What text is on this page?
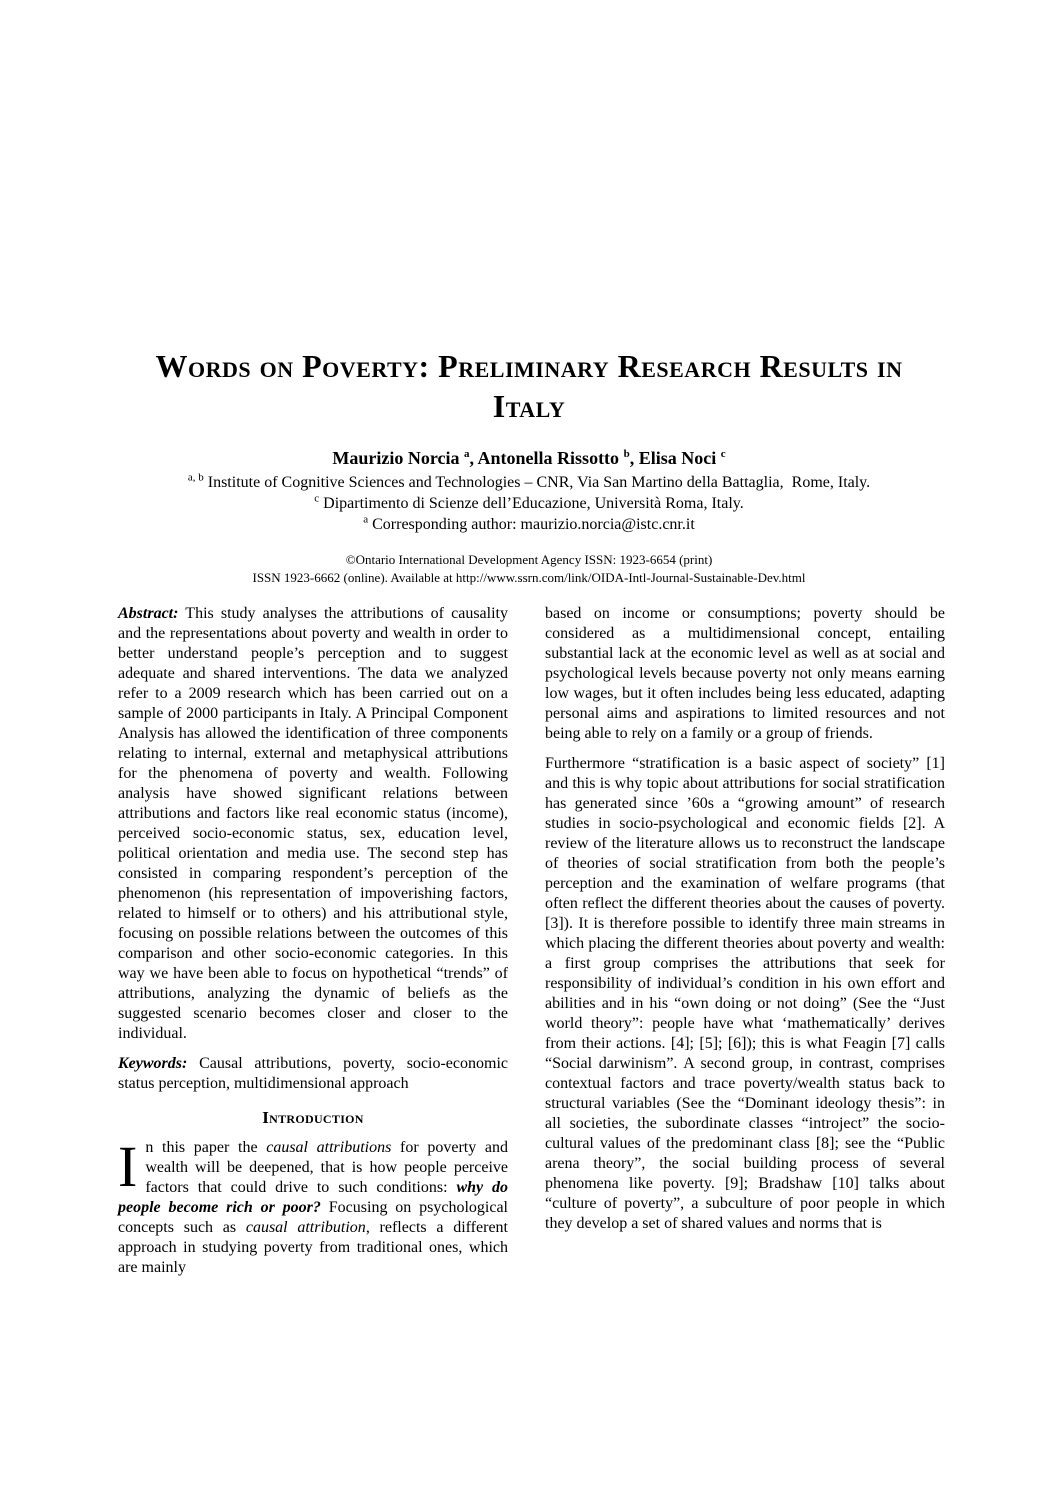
Words on Poverty: Preliminary Research Results in
Italy

Maurizio Norcia $^a$, Antonella Rissotto $^b$, Elisa Noci $^c$

$^{a, b}$ Institute of Cognitive Sciences and Technologies – CNR, Via San Martino della Battaglia,  Rome, Italy.

$^c$ Dipartimento di Scienze dell’Educazione, Università Roma, Italy.

$^a$ Corresponding author: maurizio.norcia@istc.cnr.it

©Ontario International Development Agency ISSN: 1923-6654 (print)

ISSN 1923-6662 (online). Available at http://www.ssrn.com/link/OIDA-Intl-Journal-Sustainable-Dev.html

Abstract: This study analyses the attributions of causality and the representations about poverty and wealth in order to better understand people’s perception and to suggest adequate and shared interventions. The data we analyzed refer to a 2009 research which has been carried out on a sample of 2000 participants in Italy. A Principal Component Analysis has allowed the identification of three components relating to internal, external and metaphysical attributions for the phenomena of poverty and wealth. Following analysis have showed significant relations between attributions and factors like real economic status (income), perceived socio-economic status, sex, education level, political orientation and media use. The second step has consisted in comparing respondent’s perception of the phenomenon (his representation of impoverishing factors, related to himself or to others) and his attributional style, focusing on possible relations between the outcomes of this comparison and other socio-economic categories. In this way we have been able to focus on hypothetical “trends” of attributions, analyzing the dynamic of beliefs as the suggested scenario becomes closer and closer to the individual.

Keywords: Causal attributions, poverty, socio-economic status perception, multidimensional approach

Introduction

In this paper the causal attributions for poverty and wealth will be deepened, that is how people perceive factors that could drive to such conditions: why do people become rich or poor? Focusing on psychological concepts such as causal attribution, reflects a different approach in studying poverty from traditional ones, which are mainly

based on income or consumptions; poverty should be considered as a multidimensional concept, entailing substantial lack at the economic level as well as at social and psychological levels because poverty not only means earning low wages, but it often includes being less educated, adapting personal aims and aspirations to limited resources and not being able to rely on a family or a group of friends.

Furthermore “stratification is a basic aspect of society” [1] and this is why topic about attributions for social stratification has generated since ’60s a “growing amount” of research studies in socio-psychological and economic fields [2]. A review of the literature allows us to reconstruct the landscape of theories of social stratification from both the people’s perception and the examination of welfare programs (that often reflect the different theories about the causes of poverty. [3]). It is therefore possible to identify three main streams in which placing the different theories about poverty and wealth: a first group comprises the attributions that seek for responsibility of individual’s condition in his own effort and abilities and in his “own doing or not doing” (See the “Just world theory”: people have what ‘mathematically’ derives from their actions. [4]; [5]; [6]); this is what Feagin [7] calls “Social darwinism”. A second group, in contrast, comprises contextual factors and trace poverty/wealth status back to structural variables (See the “Dominant ideology thesis”: in all societies, the subordinate classes “introject” the socio-cultural values of the predominant class [8]; see the “Public arena theory”, the social building process of several phenomena like poverty. [9]; Bradshaw [10] talks about “culture of poverty”, a subculture of poor people in which they develop a set of shared values and norms that is
